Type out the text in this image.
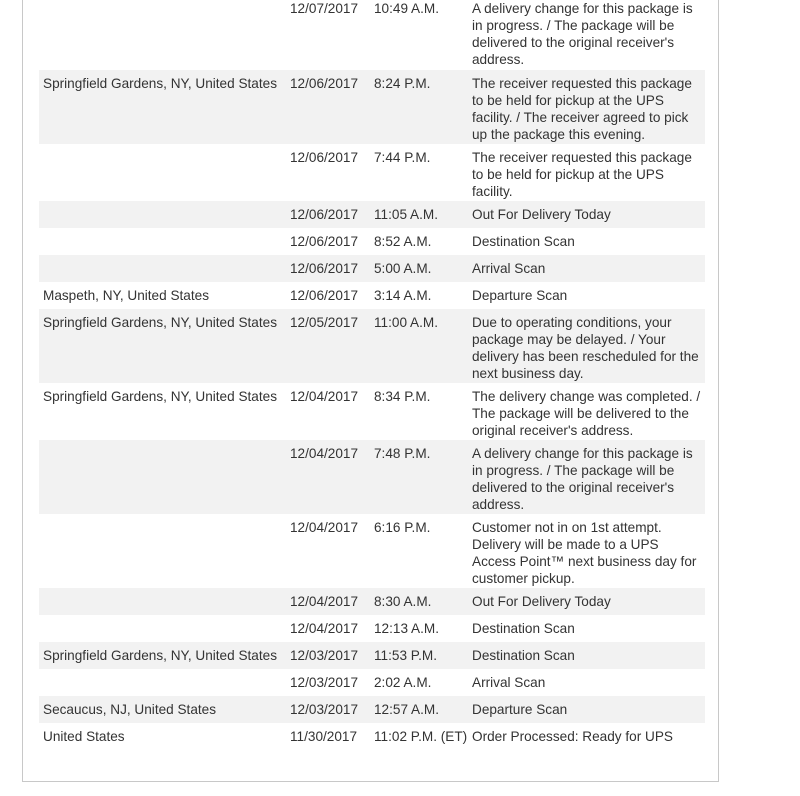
	12/07/2017	10:49 A.M.	A delivery change for this package is in progress. / The package will be delivered to the original receiver's address.

Springfield Gardens, NY, United States	12/06/2017	8:24 P.M.	The receiver requested this package to be held for pickup at the UPS facility. / The receiver agreed to pick up the package this evening.

	12/06/2017	7:44 P.M.	The receiver requested this package to be held for pickup at the UPS facility.

	12/06/2017	11:05 A.M.	Out For Delivery Today

	12/06/2017	8:52 A.M.	Destination Scan

	12/06/2017	5:00 A.M.	Arrival Scan

Maspeth, NY, United States	12/06/2017	3:14 A.M.	Departure Scan

Springfield Gardens, NY, United States	12/05/2017	11:00 A.M.	Due to operating conditions, your package may be delayed. / Your delivery has been rescheduled for the next business day.

Springfield Gardens, NY, United States	12/04/2017	8:34 P.M.	The delivery change was completed. / The package will be delivered to the original receiver's address.

	12/04/2017	7:48 P.M.	A delivery change for this package is in progress. / The package will be delivered to the original receiver's address.

	12/04/2017	6:16 P.M.	Customer not in on 1st attempt. Delivery will be made to a UPS Access Point™ next business day for customer pickup.

	12/04/2017	8:30 A.M.	Out For Delivery Today

	12/04/2017	12:13 A.M.	Destination Scan

Springfield Gardens, NY, United States	12/03/2017	11:53 P.M.	Destination Scan

	12/03/2017	2:02 A.M.	Arrival Scan

Secaucus, NJ, United States	12/03/2017	12:57 A.M.	Departure Scan

United States	11/30/2017	11:02 P.M. (ET)	Order Processed: Ready for UPS
